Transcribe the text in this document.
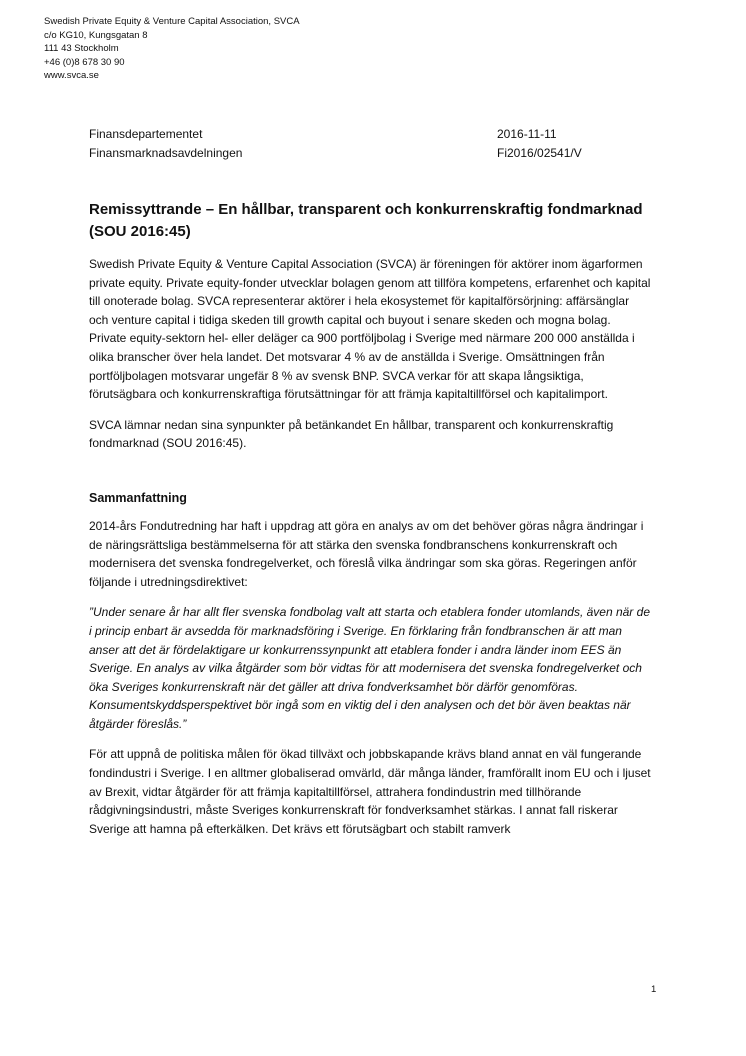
Swedish Private Equity & Venture Capital Association, SVCA
c/o KG10, Kungsgatan 8
111 43 Stockholm
+46 (0)8 678 30 90
www.svca.se
Finansdepartementet	2016-11-11
Finansmarknadsavdelningen	Fi2016/02541/V
Remissyttrande – En hållbar, transparent och konkurrenskraftig fondmarknad (SOU 2016:45)

Swedish Private Equity & Venture Capital Association (SVCA) är föreningen för aktörer inom ägarformen private equity. Private equity-fonder utvecklar bolagen genom att tillföra kompetens, erfarenhet och kapital till onoterade bolag. SVCA representerar aktörer i hela ekosystemet för kapitalförsörjning: affärsänglar och venture capital i tidiga skeden till growth capital och buyout i senare skeden och mogna bolag. Private equity-sektorn hel- eller deläger ca 900 portföljbolag i Sverige med närmare 200 000 anställda i olika branscher över hela landet. Det motsvarar 4 % av de anställda i Sverige. Omsättningen från portföljbolagen motsvarar ungefär 8 % av svensk BNP. SVCA verkar för att skapa långsiktiga, förutsägbara och konkurrenskraftiga förutsättningar för att främja kapitaltillförsel och kapitalimport.

SVCA lämnar nedan sina synpunkter på betänkandet En hållbar, transparent och konkurrenskraftig fondmarknad (SOU 2016:45).

Sammanfattning

2014-års Fondutredning har haft i uppdrag att göra en analys av om det behöver göras några ändringar i de näringsrättsliga bestämmelserna för att stärka den svenska fondbranschens konkurrenskraft och modernisera det svenska fondregelverket, och föreslå vilka ändringar som ska göras. Regeringen anför följande i utredningsdirektivet:

”Under senare år har allt fler svenska fondbolag valt att starta och etablera fonder utomlands, även när de i princip enbart är avsedda för marknadsföring i Sverige. En förklaring från fondbranschen är att man anser att det är fördelaktigare ur konkurrenssynpunkt att etablera fonder i andra länder inom EES än Sverige. En analys av vilka åtgärder som bör vidtas för att modernisera det svenska fondregelverket och öka Sveriges konkurrenskraft när det gäller att driva fondverksamhet bör därför genomföras. Konsumentskyddsperspektivet bör ingå som en viktig del i den analysen och det bör även beaktas när åtgärder föreslås.”

För att uppnå de politiska målen för ökad tillväxt och jobbskapande krävs bland annat en väl fungerande fondindustri i Sverige. I en alltmer globaliserad omvärld, där många länder, framförallt inom EU och i ljuset av Brexit, vidtar åtgärder för att främja kapitaltillförsel, attrahera fondindustrin med tillhörande rådgivningsindustri, måste Sveriges konkurrenskraft för fondverksamhet stärkas. I annat fall riskerar Sverige att hamna på efterkälken. Det krävs ett förutsägbart och stabilt ramverk

1
